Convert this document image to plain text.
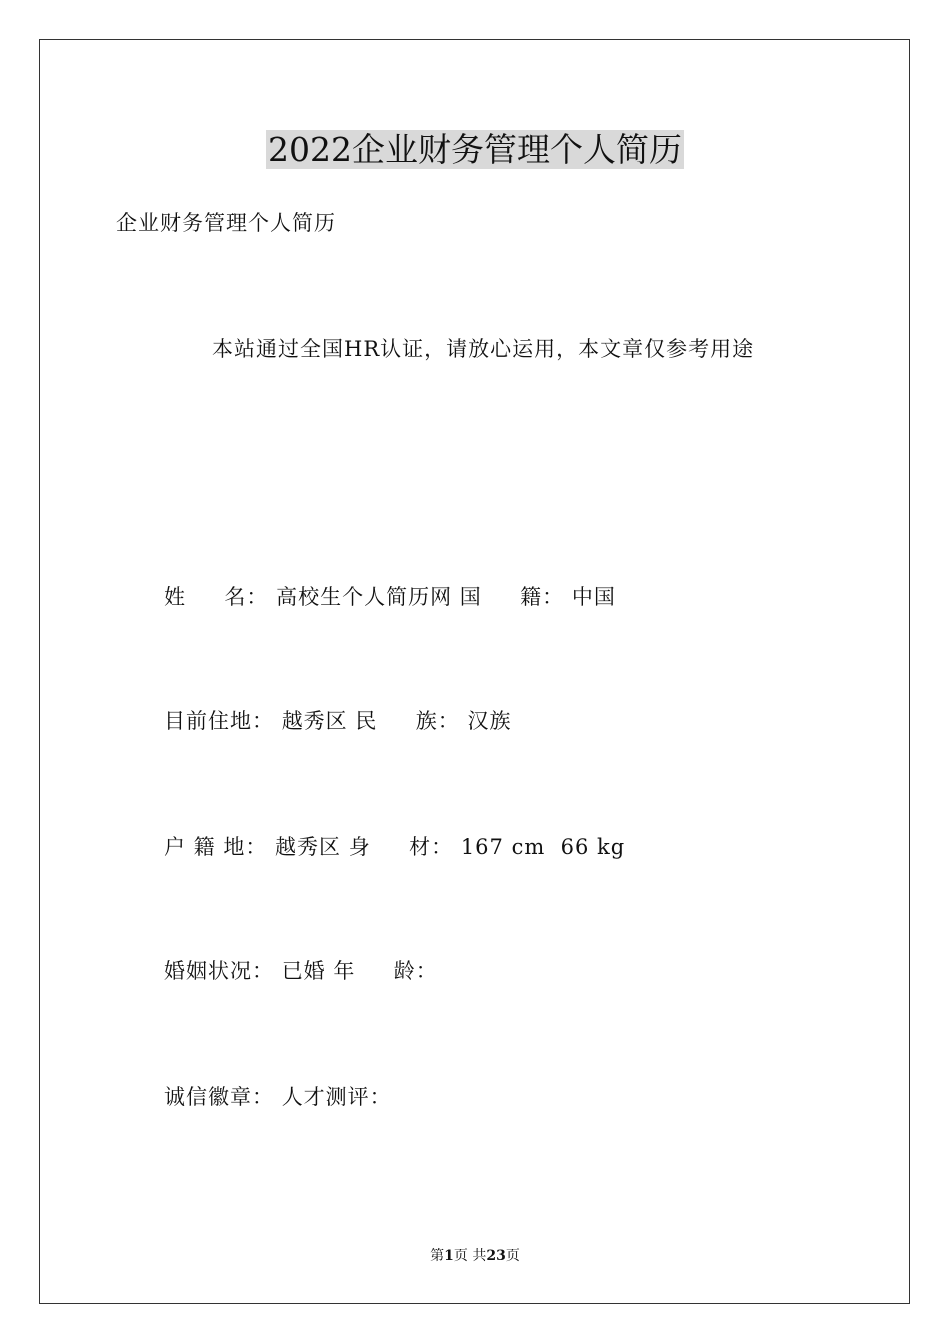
2022企业财务管理个人简历
企业财务管理个人简历
本站通过全国HR认证，请放心运用，本文章仅参考用途
姓     名： 高校生个人简历网 国     籍： 中国
目前住地： 越秀区 民     族： 汉族
户 籍 地： 越秀区 身     材： 167 cm  66 kg
婚姻状况： 已婚 年     龄：
诚信徽章： 人才测评：
第1页 共23页
